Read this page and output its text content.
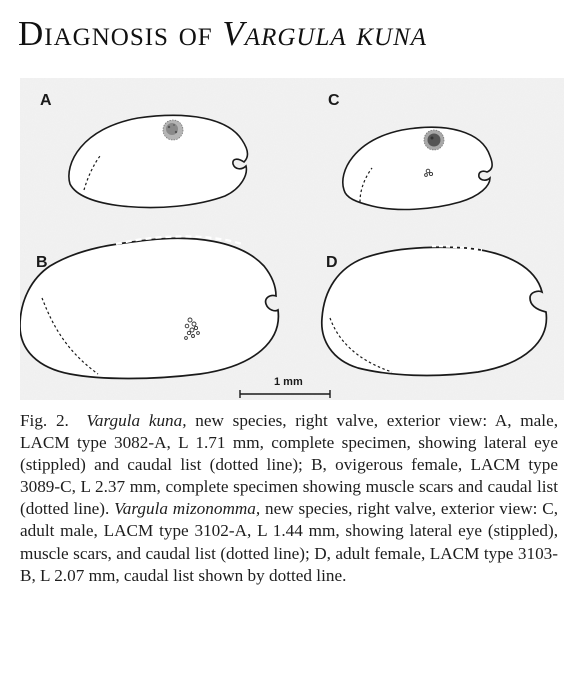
Diagnosis of Vargula kuna
A
B
C
D
1 mm
Fig. 2. Vargula kuna, new species, right valve, exterior view: A, male, LACM type 3082-A, L 1.71 mm, complete specimen, showing lateral eye (stippled) and caudal list (dotted line); B, ovigerous female, LACM type 3089-C, L 2.37 mm, complete specimen showing muscle scars and caudal list (dotted line). Vargula mizonomma, new species, right valve, exterior view: C, adult male, LACM type 3102-A, L 1.44 mm, showing lateral eye (stippled), muscle scars, and caudal list (dotted line); D, adult female, LACM type 3103-B, L 2.07 mm, caudal list shown by dotted line.
